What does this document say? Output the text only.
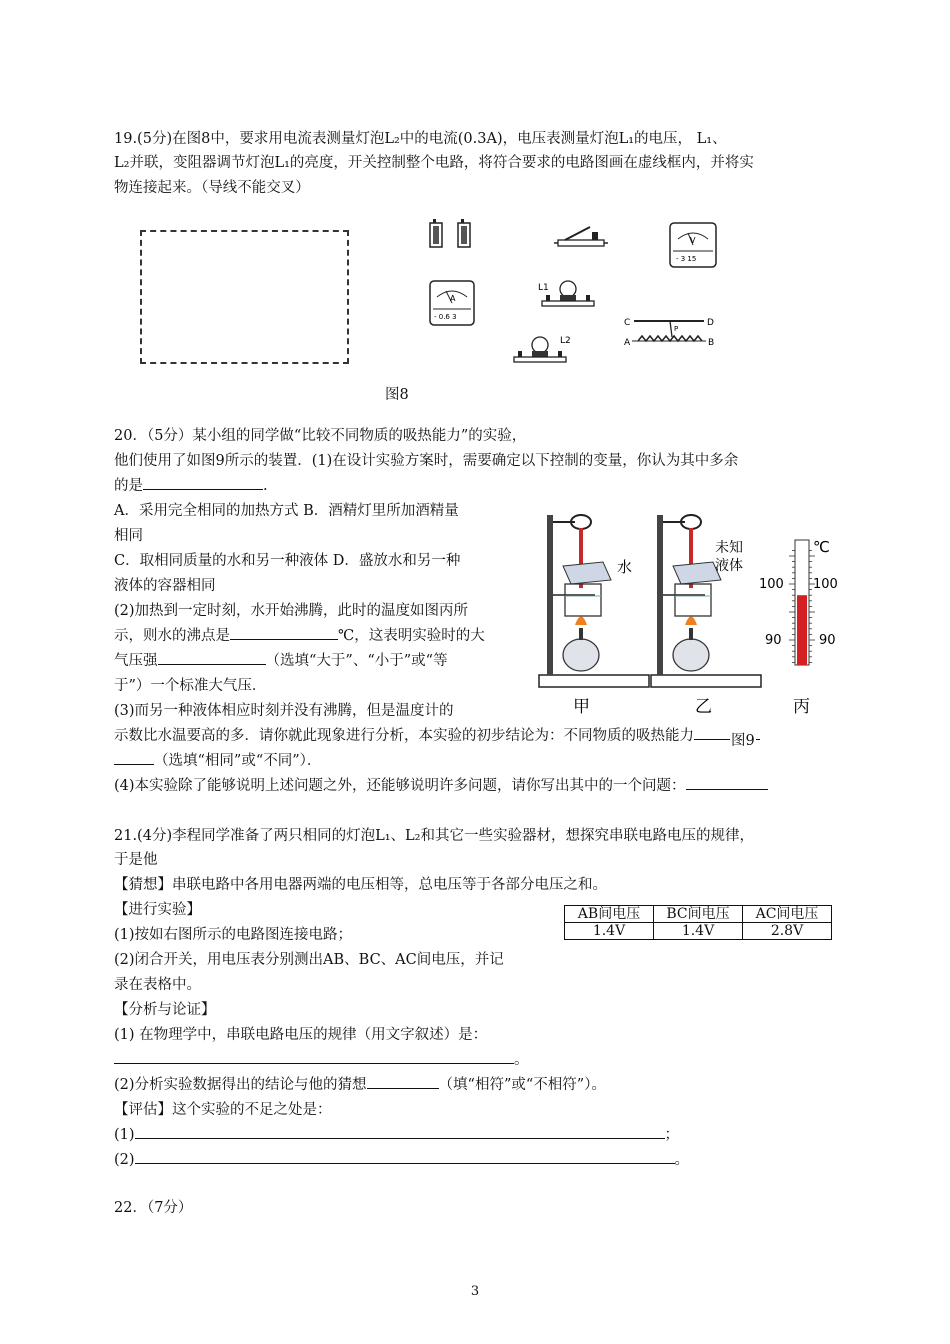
19.(5分)在图8中，要求用电流表测量灯泡L₂中的电流(0.3A)，电压表测量灯泡L₁的电压， L₁、
L₂并联，变阻器调节灯泡L₁的亮度，开关控制整个电路，将符合要求的电路图画在虚线框内，并将实
物连接起来。（导线不能交叉）
V
- 3 15
A
- 0.6 3
L1
L2
C	D
A	B
P
图8
20．（5分）某小组的同学做“比较不同物质的吸热能力”的实验，
他们使用了如图9所示的装置．(1)在设计实验方案时，需要确定以下控制的变量，你认为其中多余
的是	.
A．采用完全相同的加热方式 B．酒精灯里所加酒精量
相同
C．取相同质量的水和另一种液体 D．盛放水和另一种
液体的容器相同
(2)加热到一定时刻，水开始沸腾，此时的温度如图丙所
示，则水的沸点是	℃，这表明实验时的大
气压强	（选填“大于”、“小于”或“等
于”）一个标准大气压．
(3)而另一种液体相应时刻并没有沸腾，但是温度计的
示数比水温要高的多．请你就此现象进行分析，本实验的初步结论为：不同物质的吸热能力
（选填“相同”或“不同”）．
(4)本实验除了能够说明上述问题之外，还能够说明许多问题，请你写出其中的一个问题：
水
未知
液体
℃
100 100
90	90
甲	乙	丙
图9
21.(4分)李程同学准备了两只相同的灯泡L₁、L₂和其它一些实验器材，想探究串联电路电压的规律，
于是他
【猜想】串联电路中各用电器两端的电压相等，总电压等于各部分电压之和。
【进行实验】
(1)按如右图所示的电路图连接电路；
(2)闭合开关，用电压表分别测出AB、BC、AC间电压，并记
录在表格中。
AB间电压	BC间电压	AC间电压
1.4V	1.4V	2.8V
【分析与论证】
(1) 在物理学中，串联电路电压的规律（用文字叙述）是：
。
(2)分析实验数据得出的结论与他的猜想	（填“相符”或“不相符”）。
【评估】这个实验的不足之处是：
(1)	；
(2)	。
22．（7分）
3
